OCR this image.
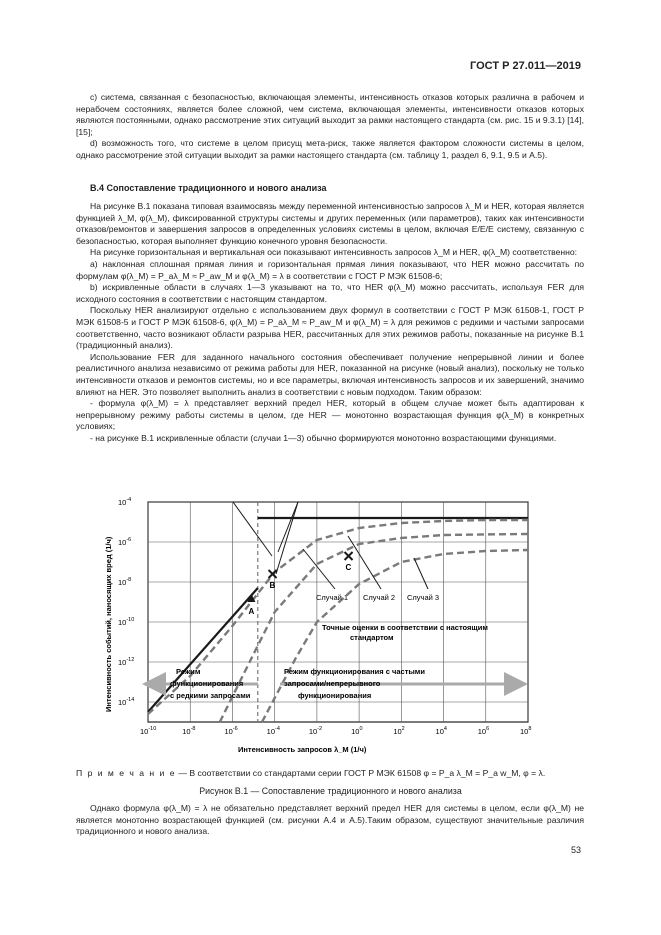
ГОСТ Р 27.011—2019

c) система, связанная с безопасностью, включающая элементы, интенсивность отказов которых различна в рабочем и нерабочем состояниях, является более сложной, чем система, включающая элементы, интенсивности отказов которых являются постоянными, однако рассмотрение этих ситуаций выходит за рамки настоящего стандарта (см. рис. 15 и 9.3.1) [14], [15];

d) возможность того, что системе в целом присущ мета-риск, также является фактором сложности системы в целом, однако рассмотрение этой ситуации выходит за рамки настоящего стандарта (см. таблицу 1, раздел 6, 9.1, 9.5 и А.5).

B.4 Сопоставление традиционного и нового анализа

На рисунке В.1 показана типовая взаимосвязь между переменной интенсивностью запросов λ_M и HER, которая является функцией λ_M, φ(λ_M), фиксированной структуры системы и других переменных (или параметров), таких как интенсивности отказов/ремонтов и завершения запросов в определенных условиях системы в целом, включая Е/Е/Е систему, связанную с безопасностью, которая выполняет функцию конечного уровня безопасности.

На рисунке горизонтальная и вертикальная оси показывают интенсивность запросов λ_M и HER, φ(λ_M) соответственно:

a) наклонная сплошная прямая линия и горизонтальная прямая линия показывают, что HER можно рассчитать по формулам φ(λ_M) = P_aλ_M ≈ P_aw_M и φ(λ_M) = λ в соответствии с ГОСТ Р МЭК 61508-6;

b) искривленные области в случаях 1—3 указывают на то, что HER φ(λ_M) можно рассчитать, используя FER для исходного состояния в соответствии с настоящим стандартом.

Поскольку HER анализируют отдельно с использованием двух формул в соответствии с ГОСТ Р МЭК 61508-1, ГОСТ Р МЭК 61508-5 и ГОСТ Р МЭК 61508-6, φ(λ_M) = P_aλ_M ≈ P_aw_M и φ(λ_M) = λ для режимов с редкими и частыми запросами соответственно, часто возникают области разрыва HER, рассчитанных для этих режимов работы, показанные на рисунке В.1 (традиционный анализ).

Использование FER для заданного начального состояния обеспечивает получение непрерывной линии и более реалистичного анализа независимо от режима работы для HER, показанной на рисунке (новый анализ), поскольку не только интенсивности отказов и ремонтов системы, но и все параметры, включая интенсивность запросов и их завершений, значимо влияют на HER. Это позволяет выполнить анализ в соответствии с новым подходом. Таким образом:

- формула φ(λ_M) = λ представляет верхний предел HER, который в общем случае может быть адаптирован к непрерывному режиму работы системы в целом, где HER — монотонно возрастающая функция φ(λ_M) в конкретных условиях;

- на рисунке В.1 искривленные области (случаи 1—3) обычно формируются монотонно возрастающими функциями.

$10^{-10}$	$10^{-8}$	$10^{-6}$	$10^{-4}$	$10^{-2}$	$10^0$	$10^2$	$10^4$	$10^6$	$10^8$
$10^{-4}$
$10^{-6}$
$10^{-8}$
$10^{-10}$
$10^{-12}$
$10^{-14}$
A
B
C
Случай 1 Случай 2 Случай 3
Точные оценки в соответствии с настоящим
стандартом
Режим
функционирования
с редкими запросами
Режим функционирования с частыми
запросами/непрерывного
функционирования
Интенсивность событий, наносящих вред (1/ч)
Интенсивность запросов λ_M (1/ч)
П р и м е ч а н и е — В соответствии со стандартами серии ГОСТ Р МЭК 61508 φ = P_a λ_M = P_a w_M, φ = λ.
Рисунок В.1 — Сопоставление традиционного и нового анализа

Однако формула φ(λ_M) = λ не обязательно представляет верхний предел HER для системы в целом, если φ(λ_M) не является монотонно возрастающей функцией (см. рисунки А.4 и А.5).Таким образом, существуют значительные различия традиционного и нового анализа.

53
